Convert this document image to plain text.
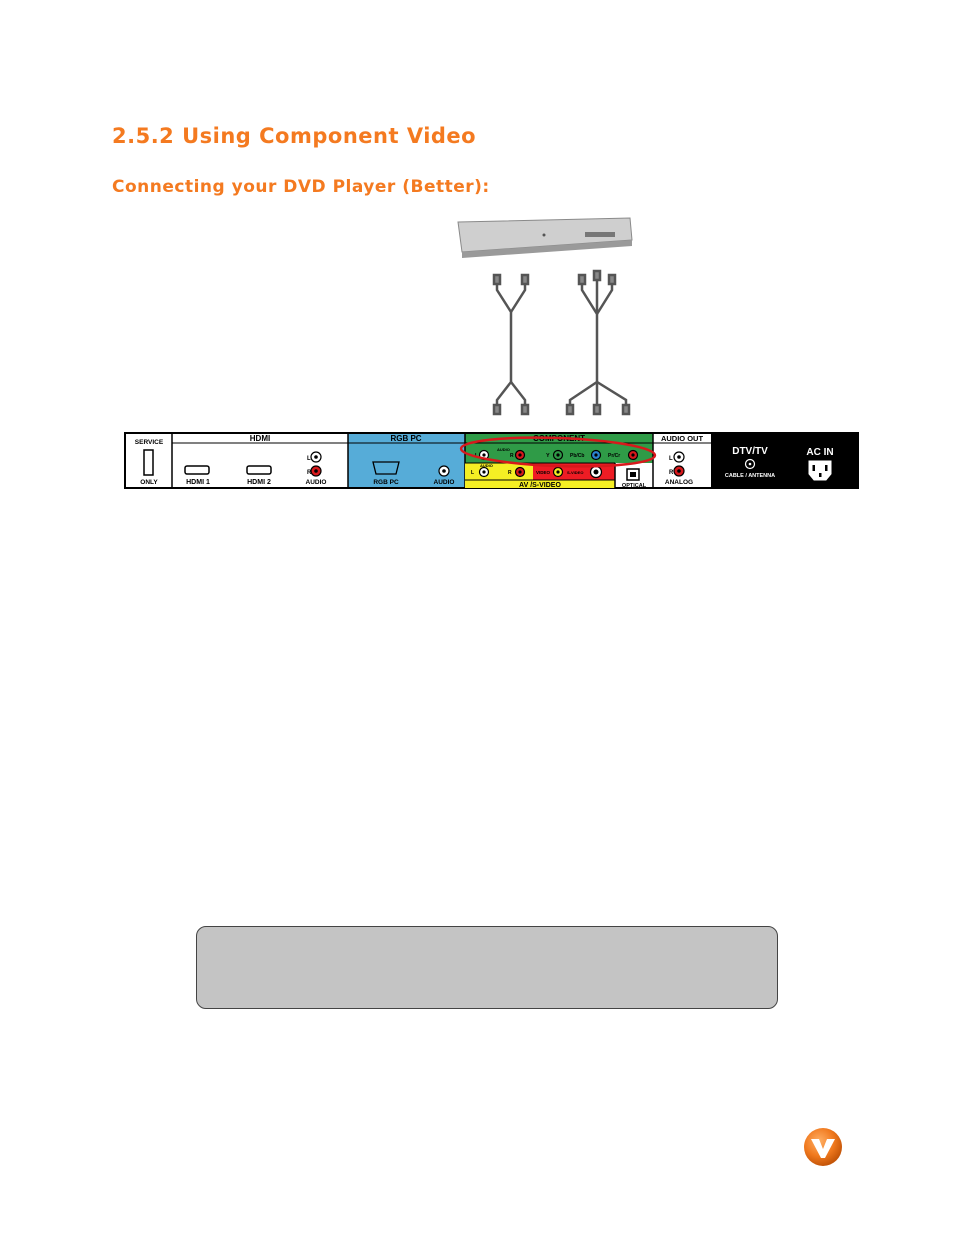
2.5.2 Using Component Video
Connecting your DVD Player (Better):
SERVICE
ONLY
HDMI
HDMI 1	HDMI 2
L
R
AUDIO
RGB PC
RGB PC	AUDIO
COMPONENT
AUDIO
L	R	Y	Pb/Cb	Pr/Cr
AUDIO
L	R	VIDEO	S-VIDEO
AV /S-VIDEO	OPTICAL
AUDIO OUT
L
R
ANALOG
DTV/TV
CABLE / ANTENNA
AC IN
